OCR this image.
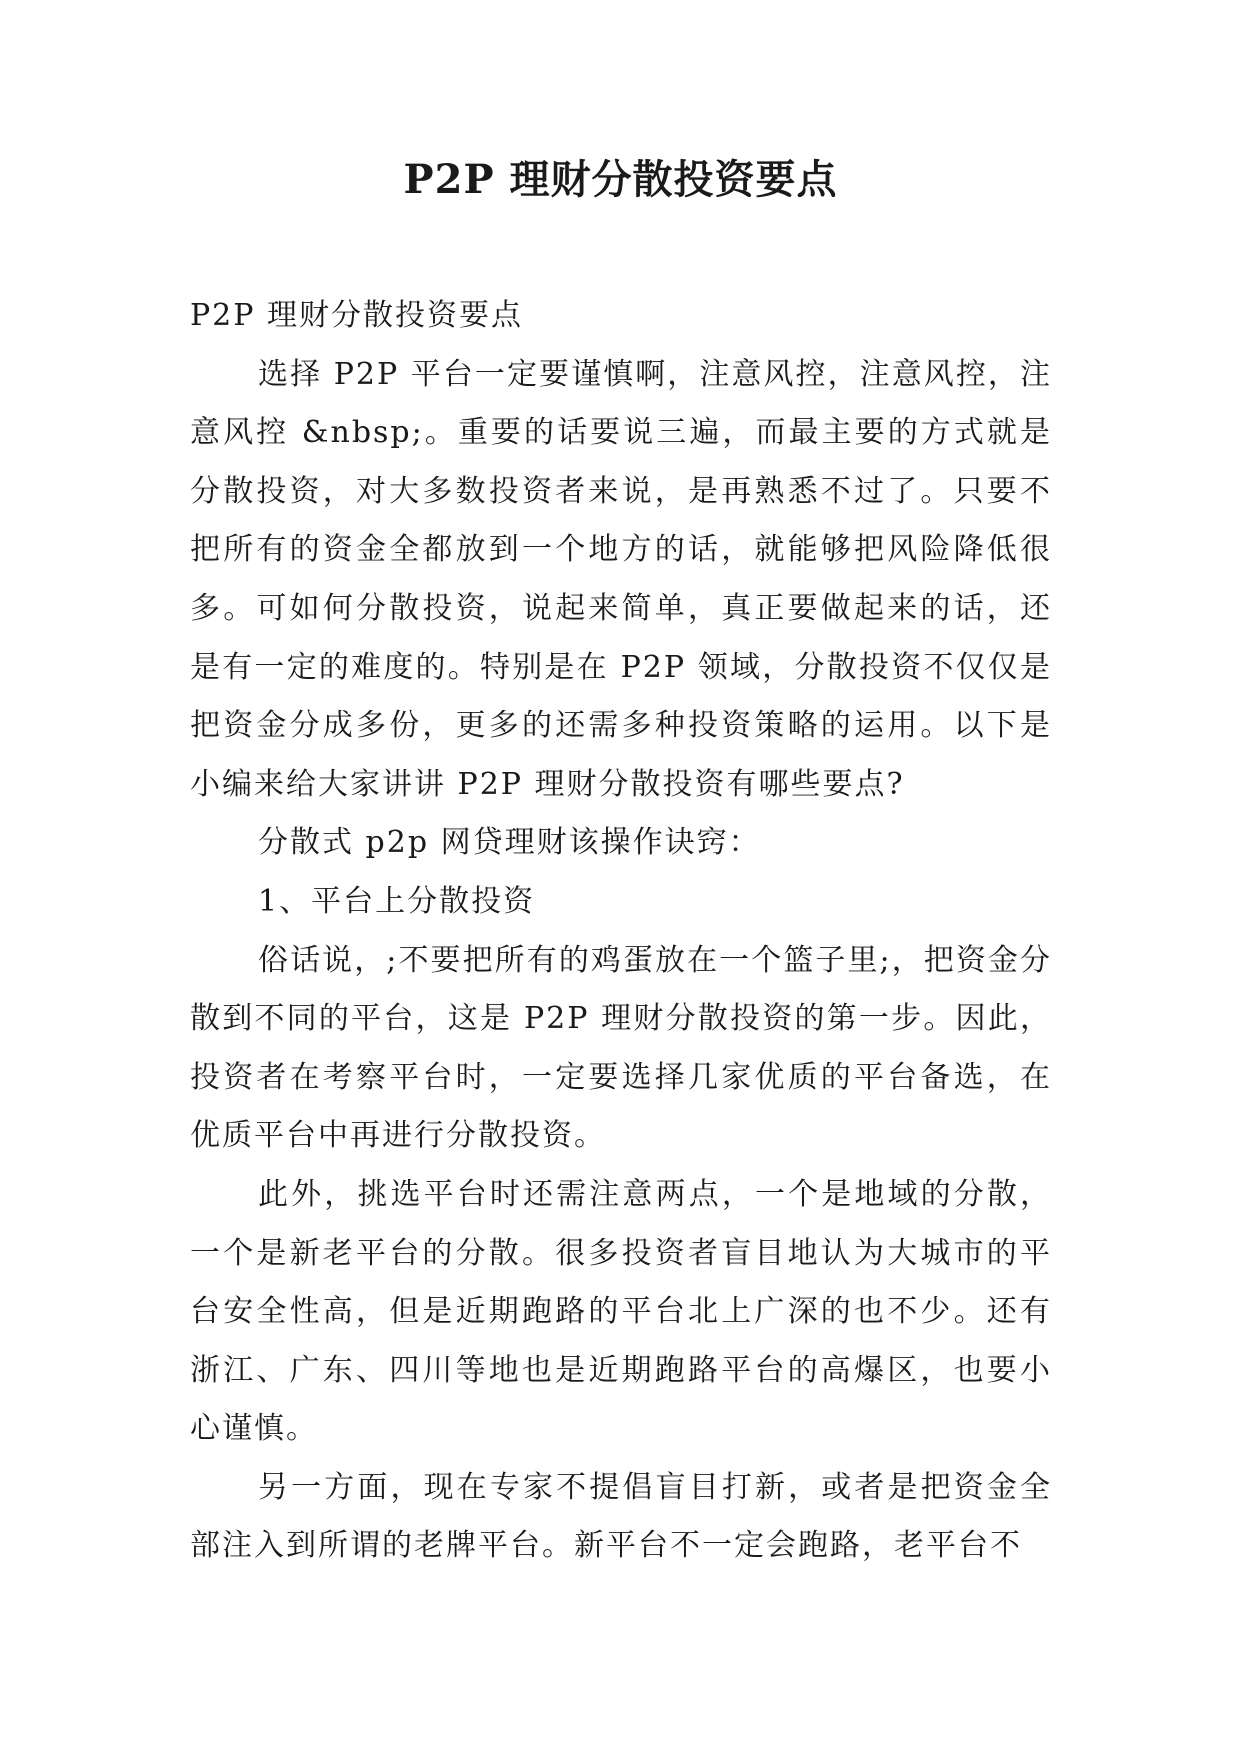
P2P 理财分散投资要点

P2P 理财分散投资要点

选择 P2P 平台一定要谨慎啊，注意风控，注意风控，注意风控 &nbsp;。重要的话要说三遍，而最主要的方式就是分散投资，对大多数投资者来说，是再熟悉不过了。只要不把所有的资金全都放到一个地方的话，就能够把风险降低很多。可如何分散投资，说起来简单，真正要做起来的话，还是有一定的难度的。特别是在 P2P 领域，分散投资不仅仅是把资金分成多份，更多的还需多种投资策略的运用。以下是小编来给大家讲讲 P2P 理财分散投资有哪些要点?

分散式 p2p 网贷理财该操作诀窍：

1、平台上分散投资

俗话说，;不要把所有的鸡蛋放在一个篮子里;，把资金分散到不同的平台，这是 P2P 理财分散投资的第一步。因此，投资者在考察平台时，一定要选择几家优质的平台备选，在优质平台中再进行分散投资。

此外，挑选平台时还需注意两点，一个是地域的分散，一个是新老平台的分散。很多投资者盲目地认为大城市的平台安全性高，但是近期跑路的平台北上广深的也不少。还有浙江、广东、四川等地也是近期跑路平台的高爆区，也要小心谨慎。

另一方面，现在专家不提倡盲目打新，或者是把资金全部注入到所谓的老牌平台。新平台不一定会跑路，老平台不
